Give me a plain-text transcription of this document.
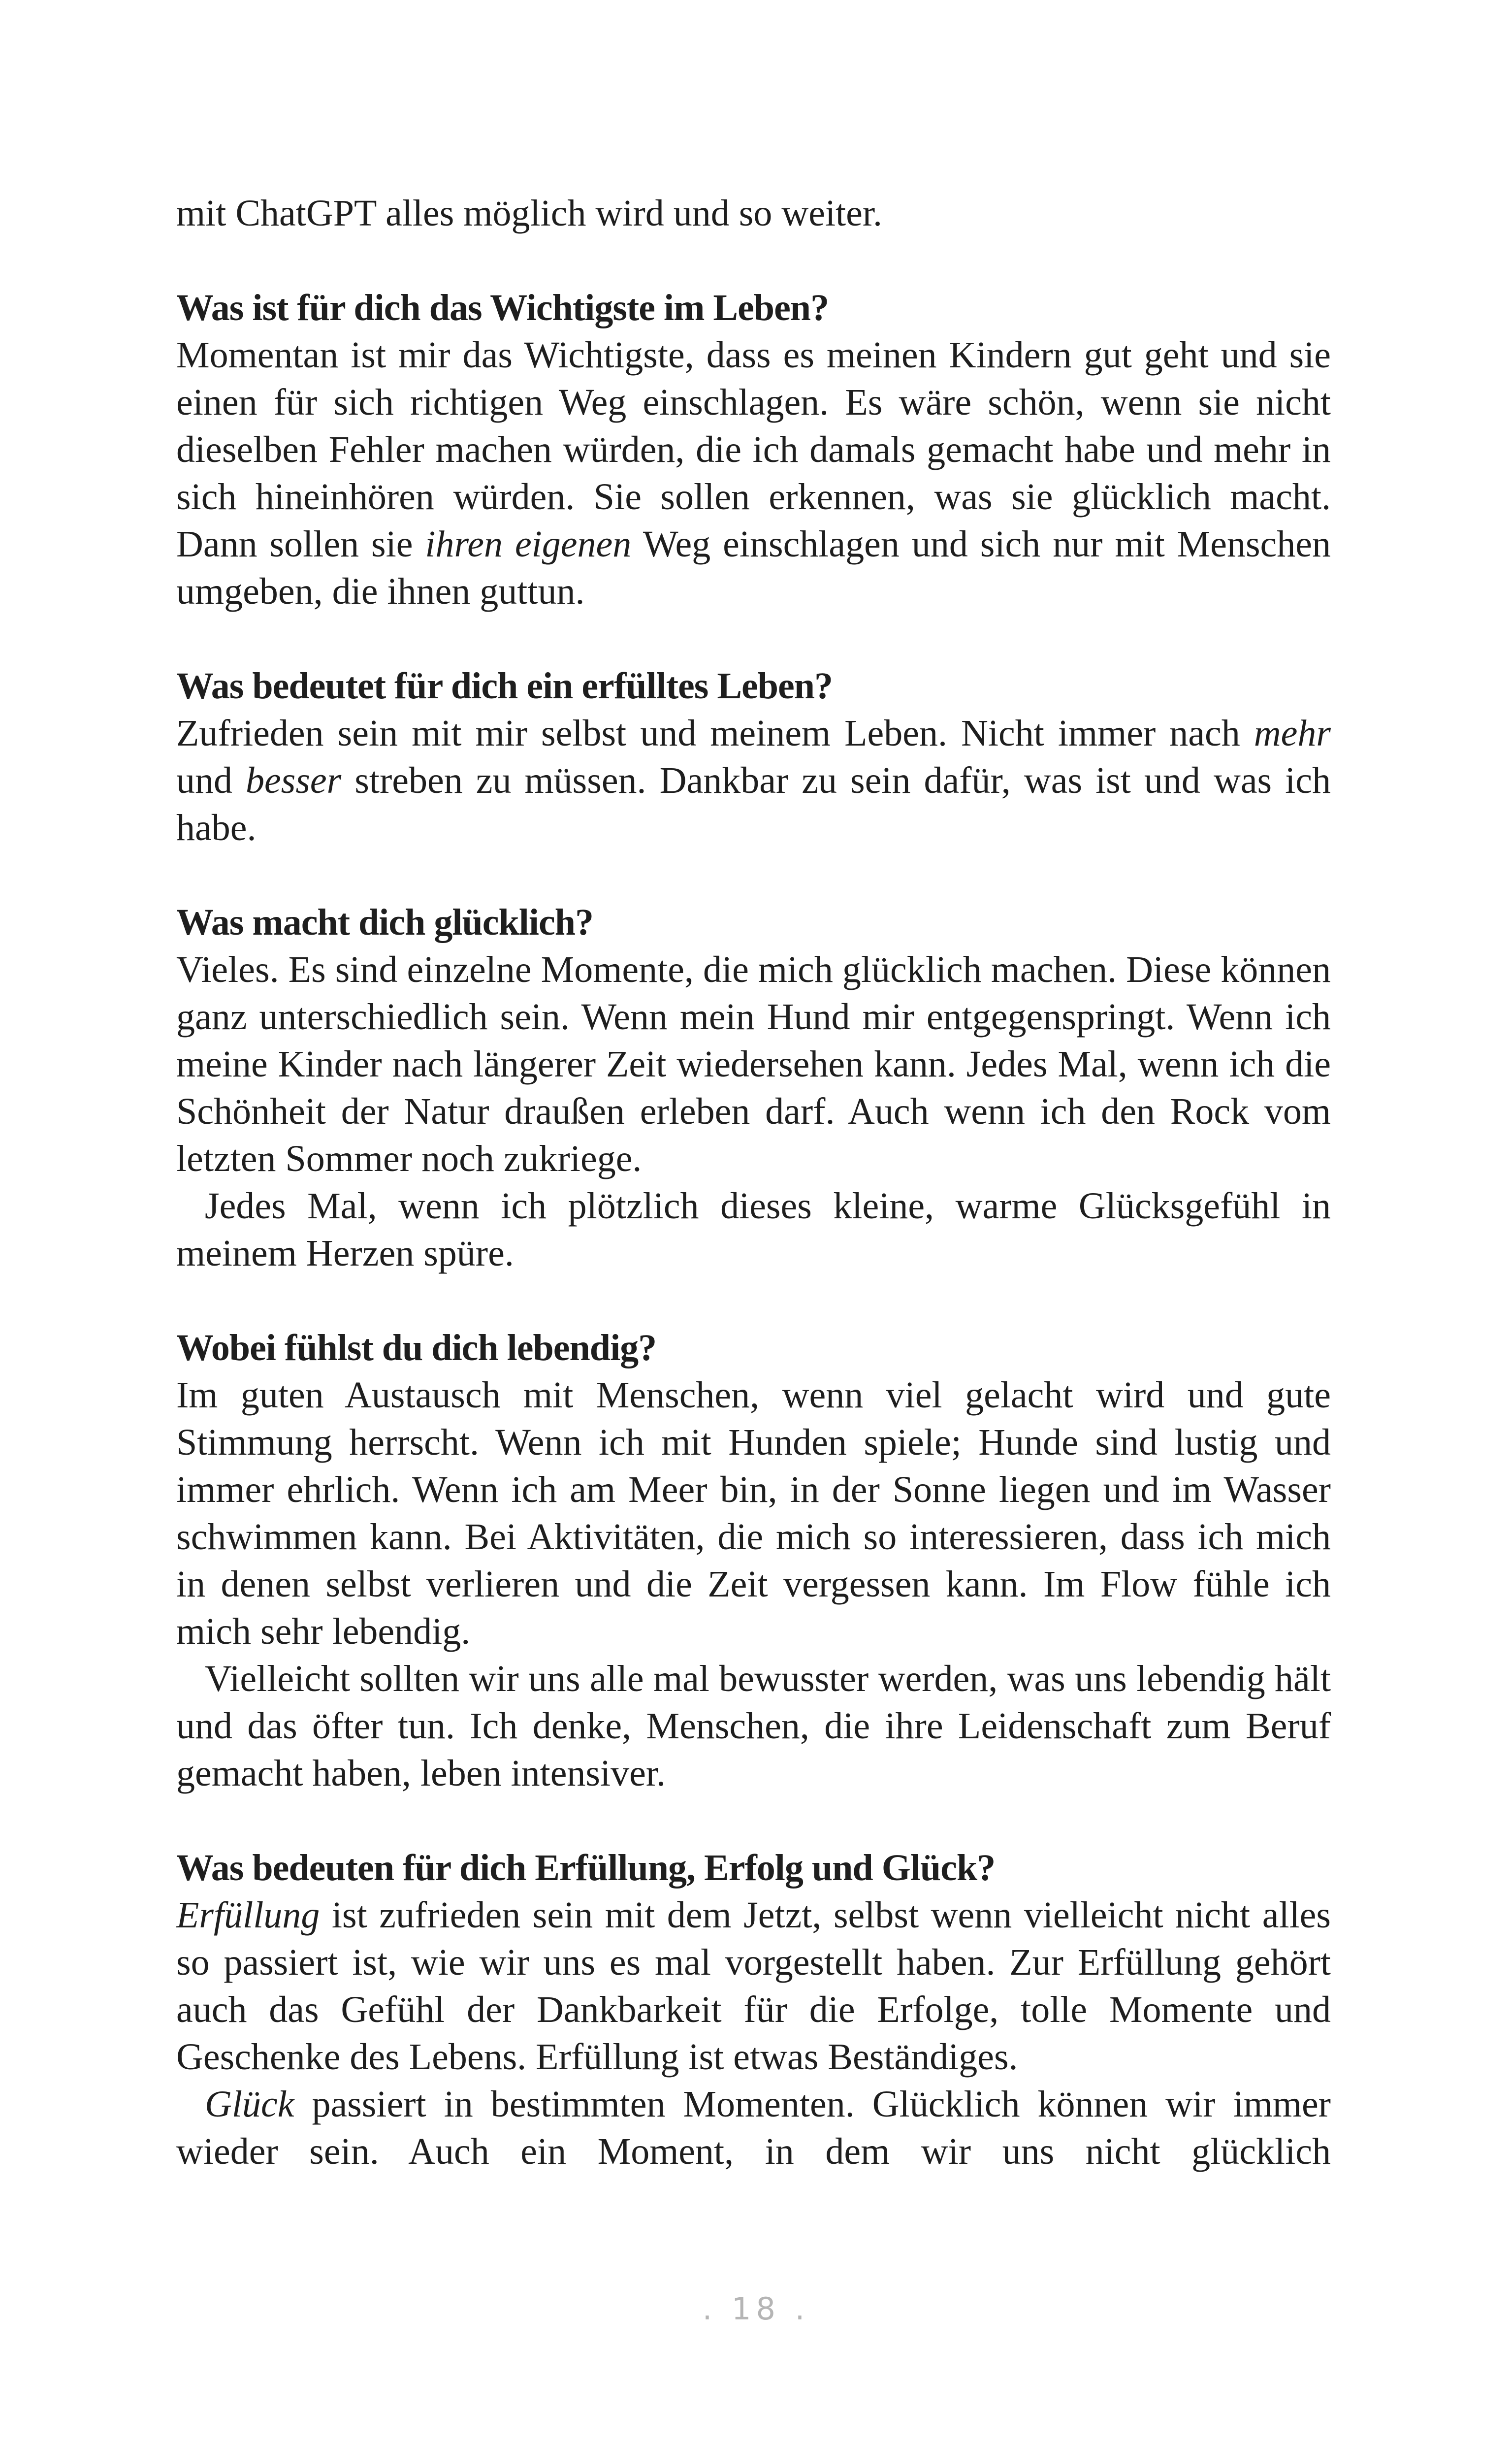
mit ChatGPT alles möglich wird und so weiter.

Was ist für dich das Wichtigste im Leben?

Momentan ist mir das Wichtigste, dass es meinen Kindern gut geht und sie einen für sich richtigen Weg einschlagen. Es wäre schön, wenn sie nicht dieselben Fehler machen würden, die ich damals gemacht habe und mehr in sich hineinhören würden. Sie sollen erkennen, was sie glücklich macht. Dann sollen sie ihren eigenen Weg einschlagen und sich nur mit Menschen umgeben, die ihnen guttun.

Was bedeutet für dich ein erfülltes Leben?

Zufrieden sein mit mir selbst und meinem Leben. Nicht immer nach mehr und besser streben zu müssen. Dankbar zu sein dafür, was ist und was ich habe.

Was macht dich glücklich?

Vieles. Es sind einzelne Momente, die mich glücklich machen. Diese können ganz unterschiedlich sein. Wenn mein Hund mir entgegenspringt. Wenn ich meine Kinder nach längerer Zeit wiedersehen kann. Jedes Mal, wenn ich die Schönheit der Natur draußen erleben darf. Auch wenn ich den Rock vom letzten Sommer noch zukriege.

Jedes Mal, wenn ich plötzlich dieses kleine, warme Glücksgefühl in meinem Herzen spüre.

Wobei fühlst du dich lebendig?

Im guten Austausch mit Menschen, wenn viel gelacht wird und gute Stimmung herrscht. Wenn ich mit Hunden spiele; Hunde sind lustig und immer ehrlich. Wenn ich am Meer bin, in der Sonne liegen und im Wasser schwimmen kann. Bei Aktivitäten, die mich so interessieren, dass ich mich in denen selbst verlieren und die Zeit vergessen kann. Im Flow fühle ich mich sehr lebendig.

Vielleicht sollten wir uns alle mal bewusster werden, was uns lebendig hält und das öfter tun. Ich denke, Menschen, die ihre Leidenschaft zum Beruf gemacht haben, leben intensiver.

Was bedeuten für dich Erfüllung, Erfolg und Glück?

Erfüllung ist zufrieden sein mit dem Jetzt, selbst wenn vielleicht nicht alles so passiert ist, wie wir uns es mal vorgestellt haben. Zur Erfüllung gehört auch das Gefühl der Dankbarkeit für die Erfolge, tolle Momente und Geschenke des Lebens. Erfüllung ist etwas Beständiges.

Glück passiert in bestimmten Momenten. Glücklich können wir immer wieder sein. Auch ein Moment, in dem wir uns nicht glücklich

. 18 .
